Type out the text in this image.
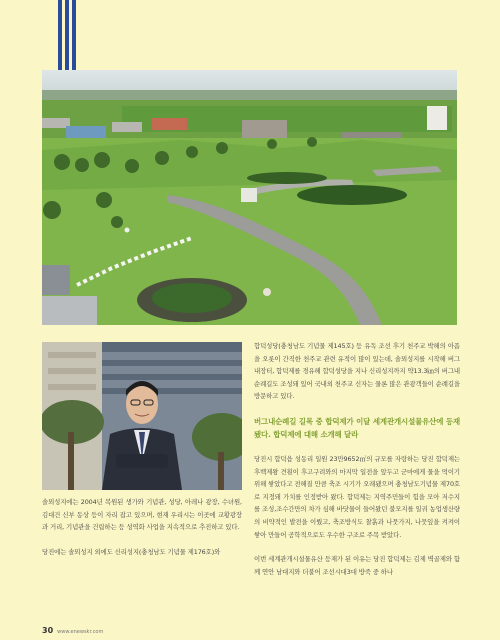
솔뫼성지에는 2004년 복원된 생가와 기념관, 성당, 아레나 광장, 수녀원, 김대건 신부 동상 등이 자리 잡고 있으며, 현재 우리시는 이곳에 교황광장과 거리, 기념관을 건립하는 등 성역화 사업을 지속적으로 추진하고 있다.

당진에는 솔뫼성지 외에도 신리성지(충청남도 기념물 제176호)와

합덕성당(충청남도 기념물 제145호) 등 유독 조선 후기 천주교 박해의 아픔을 오롯이 간직한 천주교 관련 유적이 많이 있는데, 솔뫼성지를 시작해 버그내장터, 합덕제를 경유해 합덕성당을 지나 신리성지까지 약13.3㎞의 버그내순례길도 조성돼 있어 국내외 천주교 신자는 물론 많은 관광객들이 순례길을 방문하고 있다.

버그내순례길 길목 중 합덕제가 이달 세계관개시설물유산에 등재됐다. 합덕제에 대해 소개해 달라

당진시 합덕읍 성동리 일원 23만9652㎡의 규모를 자랑하는 당진 합덕제는 후백제왕 견훤이 후고구려와의 마지막 일전을 앞두고 군마에게 물을 먹이기 위해 쌓았다고 전해질 만큼 축조 시기가 오래됐으며 충청남도기념물 제70호로 지정돼 가치를 인정받아 왔다. 합덕제는 지역주민들이 힘을 모아 저수지를 조성,조수간만의 차가 심해 바닷물이 들어왔던 불모지를 일궈 농업생산량의 비약적인 발전을 이뤘고, 축조방식도 찰흙과 나뭇가지, 나뭇잎을 켜켜이 쌓아 만들어 공학적으로도 우수한 구조로 주목 받았다.

이번 세계관개시설물유산 등재가 된 이유는 당진 합덕제는 김제 벽골제와 함께 연안 남대지와 더불어 조선시대3대 방죽 중 하나

30 www.enewskr.com
